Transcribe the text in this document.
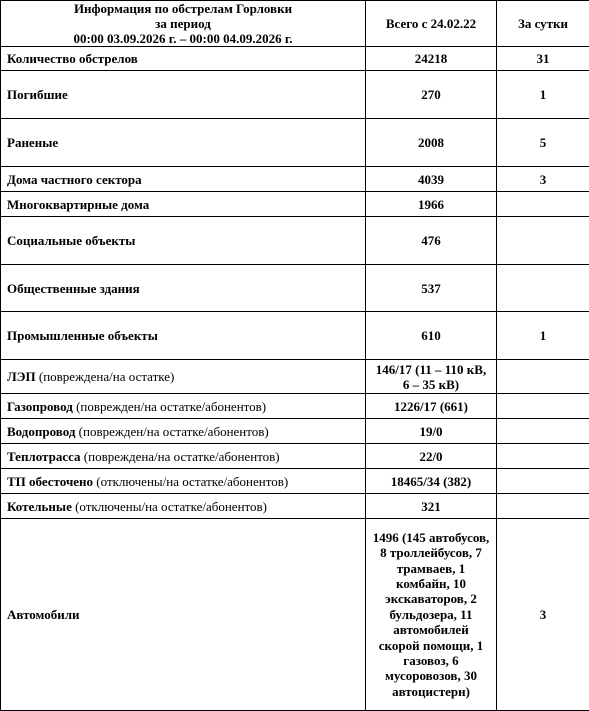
Информация по обстрелам Горловки
за период
00:00 03.09.2026 г. – 00:00 04.09.2026 г.	Всего с 24.02.22	За сутки
Количество обстрелов	24218	31
Погибшие	270	1
Раненые	2008	5
Дома частного сектора	4039	3
Многоквартирные дома	1966	
Социальные объекты	476	
Общественные здания	537	
Промышленные объекты	610	1
ЛЭП (повреждена/на остатке)	146/17 (11 – 110 кВ, 6 – 35 кВ)	
Газопровод (поврежден/на остатке/абонентов)	1226/17 (661)	
Водопровод (поврежден/на остатке/абонентов)	19/0	
Теплотрасса (повреждена/на остатке/абонентов)	22/0	
ТП обесточено (отключены/на остатке/абонентов)	18465/34 (382)	
Котельные (отключены/на остатке/абонентов)	321	
Автомобили	1496 (145 автобусов, 8 троллейбусов, 7 трамваев, 1 комбайн, 10 экскаваторов, 2 бульдозера, 11 автомобилей скорой помощи, 1 газовоз, 6 мусоровозов, 30 автоцистерн)	3
